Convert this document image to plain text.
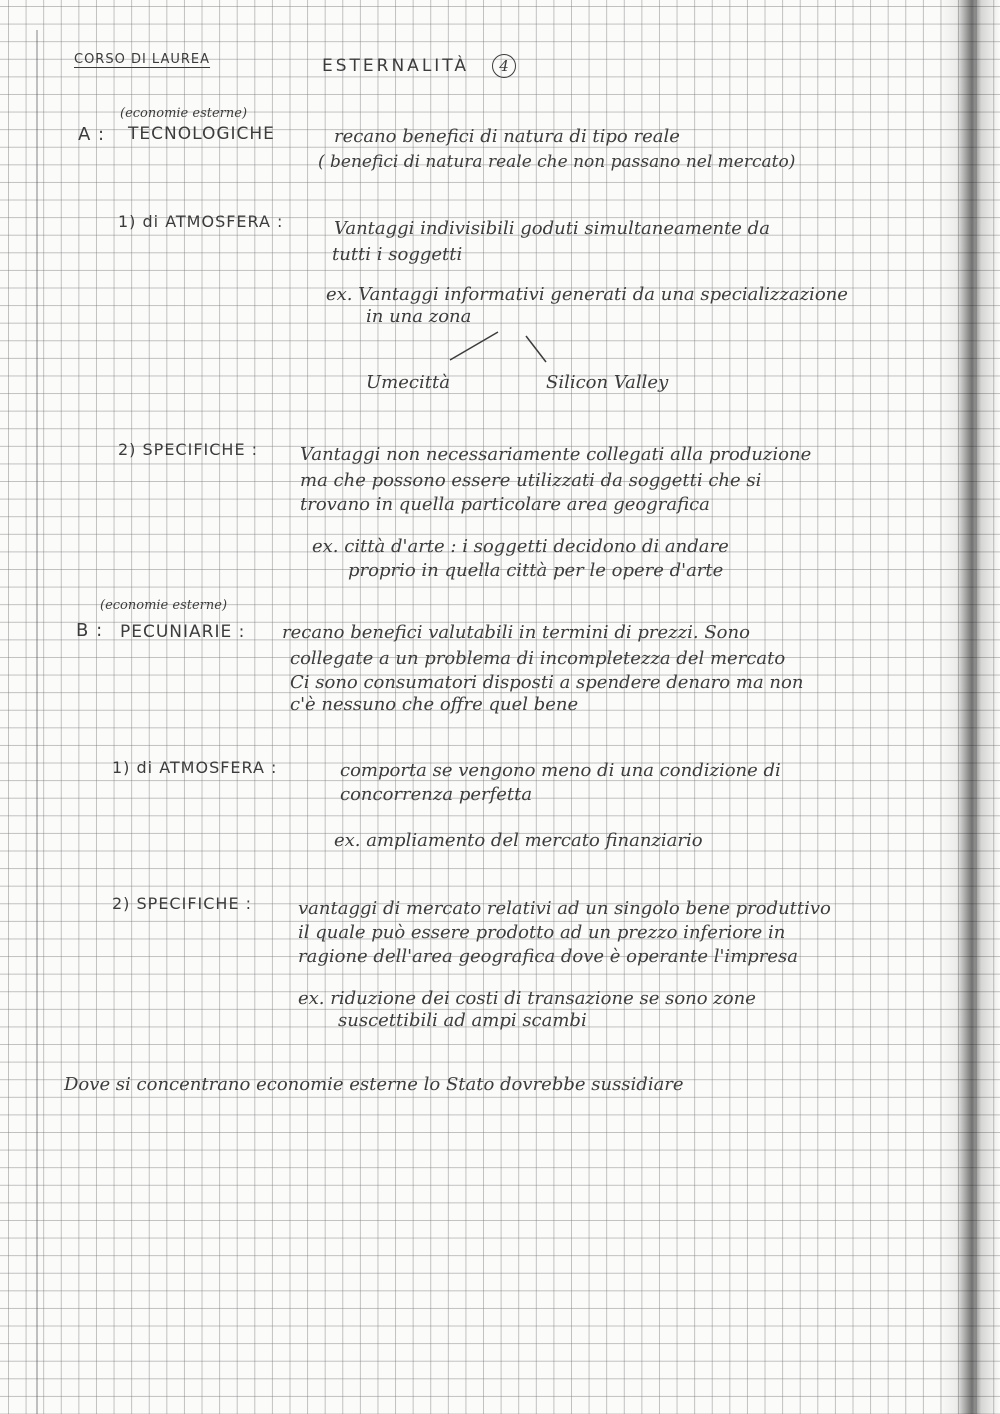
CORSO DI LAUREA	ESTERNALITÀ	4
(economie esterne)
A : TECNOLOGICHE	recano benefici di natura di tipo reale
( benefici di natura reale che non passano nel mercato)
1) di ATMOSFERA :	Vantaggi indivisibili goduti simultaneamente da
tutti i soggetti
ex. Vantaggi informativi generati da una specializzazione
in una zona
Umecittà	Silicon Valley
2) SPECIFICHE : Vantaggi non necessariamente collegati alla produzione
ma che possono essere utilizzati da soggetti che si
trovano in quella particolare area geografica
ex. città d'arte : i soggetti decidono di andare
proprio in quella città per le opere d'arte
(economie esterne)
B : PECUNIARIE : recano benefici valutabili in termini di prezzi. Sono
collegate a un problema di incompletezza del mercato
Ci sono consumatori disposti a spendere denaro ma non
c'è nessuno che offre quel bene
1) di ATMOSFERA :	comporta se vengono meno di una condizione di
concorrenza perfetta
ex. ampliamento del mercato finanziario
2) SPECIFICHE :	vantaggi di mercato relativi ad un singolo bene produttivo
il quale può essere prodotto ad un prezzo inferiore in
ragione dell'area geografica dove è operante l'impresa
ex. riduzione dei costi di transazione se sono zone
suscettibili ad ampi scambi
Dove si concentrano economie esterne lo Stato dovrebbe sussidiare
